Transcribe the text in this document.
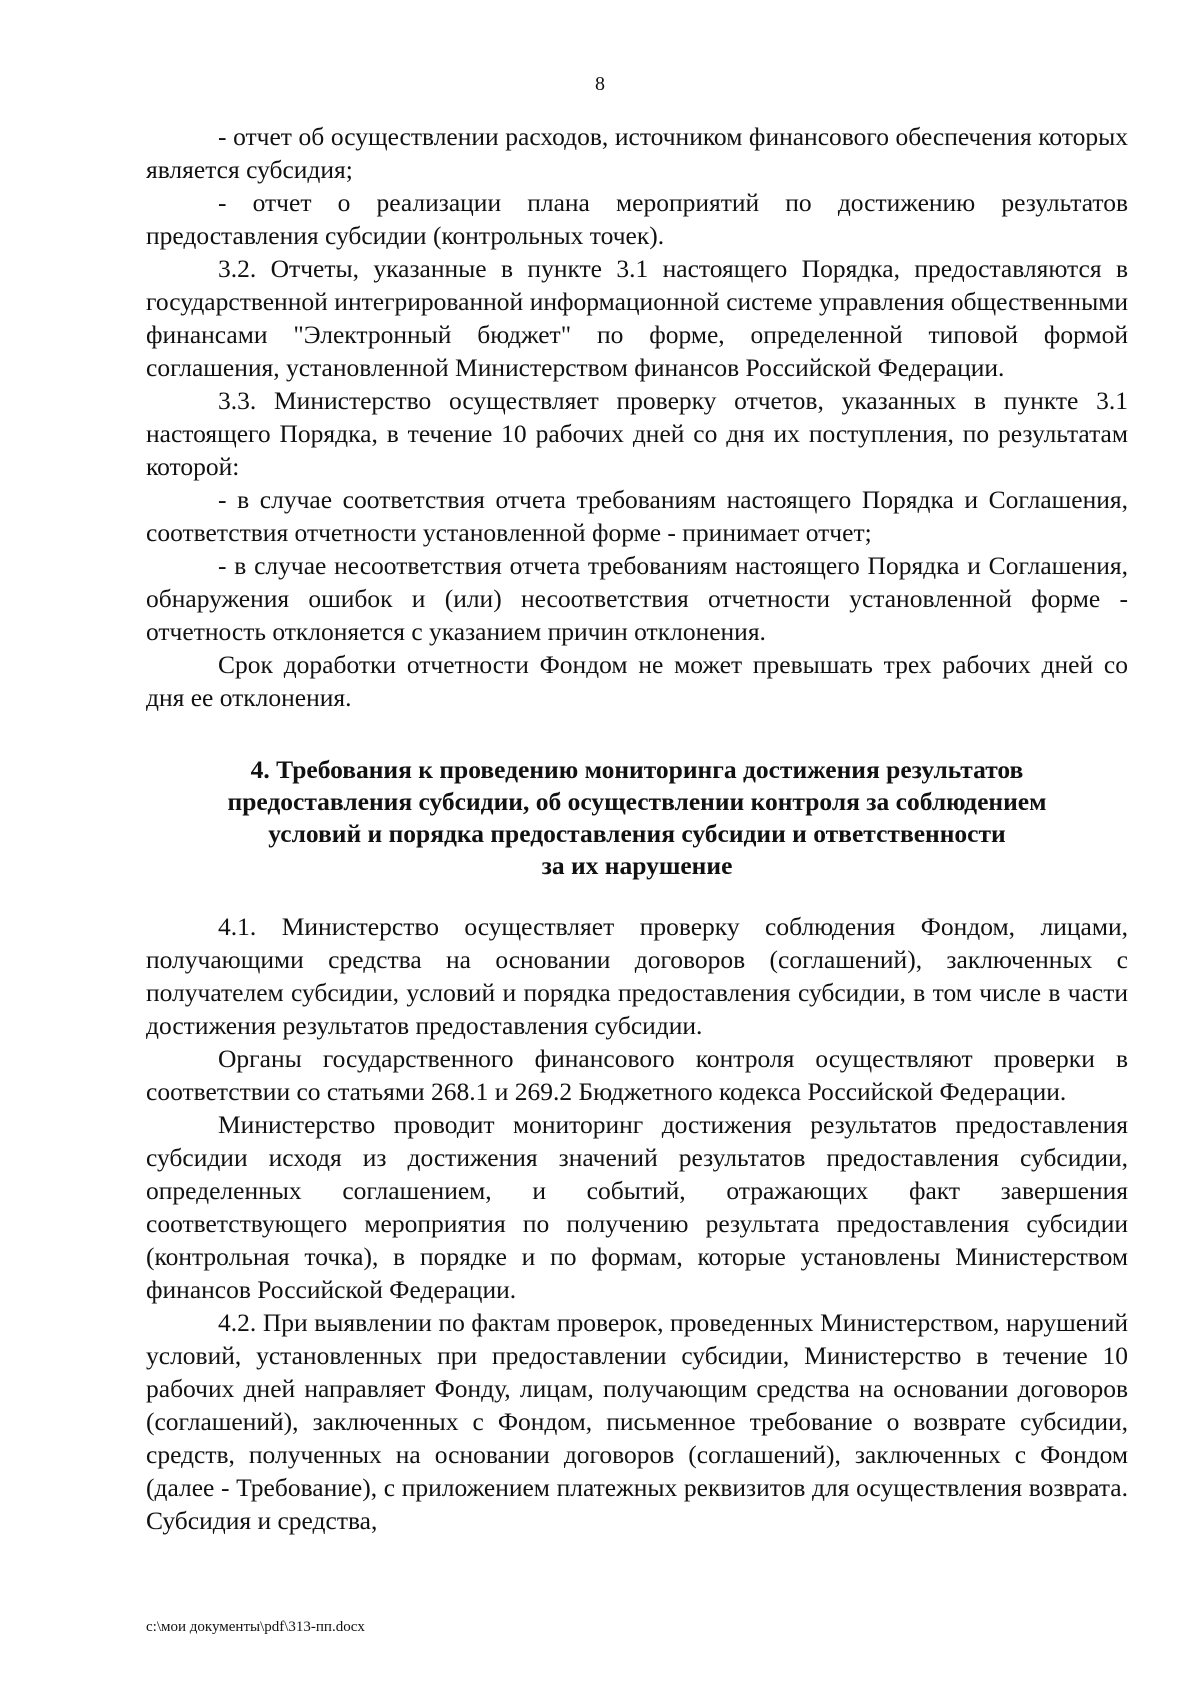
8

- отчет об осуществлении расходов, источником финансового обеспечения которых является субсидия;

- отчет о реализации плана мероприятий по достижению результатов предоставления субсидии (контрольных точек).

3.2. Отчеты, указанные в пункте 3.1 настоящего Порядка, предоставляются в государственной интегрированной информационной системе управления общественными финансами "Электронный бюджет" по форме, определенной типовой формой соглашения, установленной Министерством финансов Российской Федерации.

3.3. Министерство осуществляет проверку отчетов, указанных в пункте 3.1 настоящего Порядка, в течение 10 рабочих дней со дня их поступления, по результатам которой:

- в случае соответствия отчета требованиям настоящего Порядка и Соглашения, соответствия отчетности установленной форме - принимает отчет;

- в случае несоответствия отчета требованиям настоящего Порядка и Соглашения, обнаружения ошибок и (или) несоответствия отчетности установленной форме - отчетность отклоняется с указанием причин отклонения.

Срок доработки отчетности Фондом не может превышать трех рабочих дней со дня ее отклонения.

4. Требования к проведению мониторинга достижения результатов
предоставления субсидии, об осуществлении контроля за соблюдением
условий и порядка предоставления субсидии и ответственности
за их нарушение

4.1. Министерство осуществляет проверку соблюдения Фондом, лицами, получающими средства на основании договоров (соглашений), заключенных с получателем субсидии, условий и порядка предоставления субсидии, в том числе в части достижения результатов предоставления субсидии.

Органы государственного финансового контроля осуществляют проверки в соответствии со статьями 268.1 и 269.2 Бюджетного кодекса Российской Федерации.

Министерство проводит мониторинг достижения результатов предоставления субсидии исходя из достижения значений результатов предоставления субсидии, определенных соглашением, и событий, отражающих факт завершения соответствующего мероприятия по получению результата предоставления субсидии (контрольная точка), в порядке и по формам, которые установлены Министерством финансов Российской Федерации.

4.2. При выявлении по фактам проверок, проведенных Министерством, нарушений условий, установленных при предоставлении субсидии, Министерство в течение 10 рабочих дней направляет Фонду, лицам, получающим средства на основании договоров (соглашений), заключенных с Фондом, письменное требование о возврате субсидии, средств, полученных на основании договоров (соглашений), заключенных с Фондом (далее - Требование), с приложением платежных реквизитов для осуществления возврата. Субсидия и средства,

c:\мои документы\pdf\313-пп.docx
